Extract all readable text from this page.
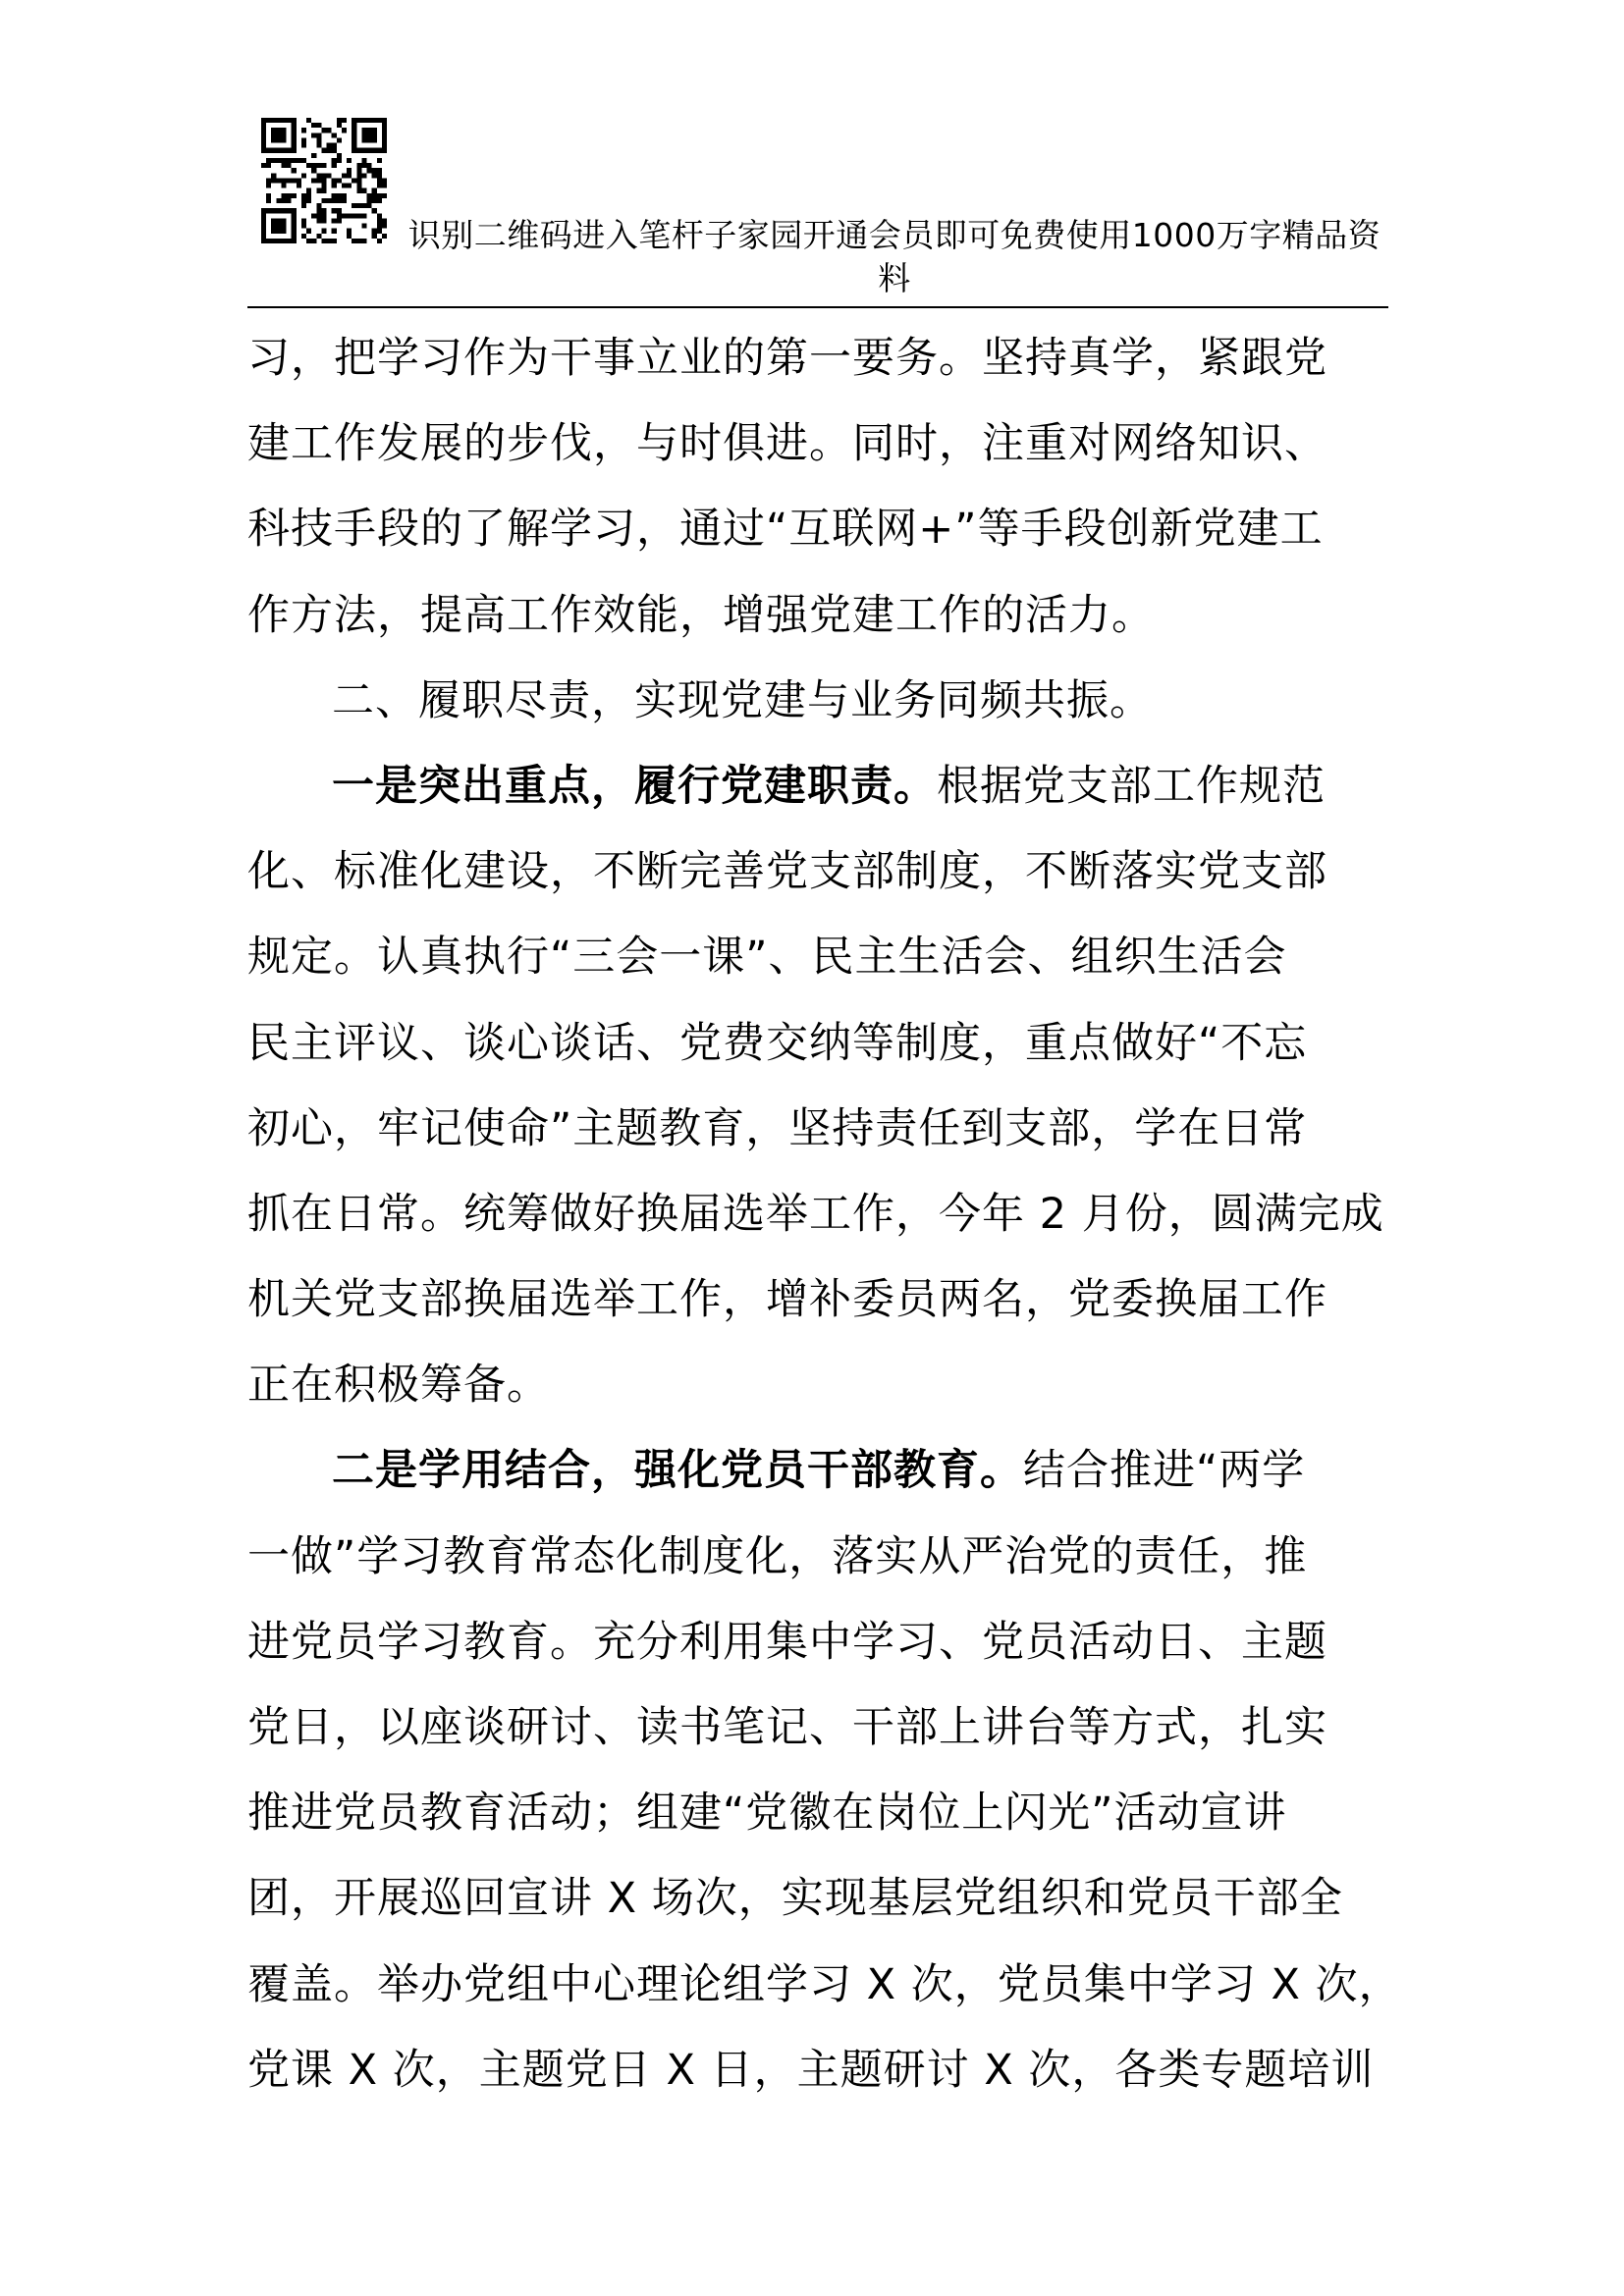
识别二维码进入笔杆子家园开通会员即可免费使用1000万字精品资
料
习，把学习作为干事立业的第一要务。坚持真学，紧跟党
建工作发展的步伐，与时俱进。同时，注重对网络知识、
科技手段的了解学习，通过“互联网+”等手段创新党建工
作方法，提高工作效能，增强党建工作的活力。
二、履职尽责，实现党建与业务同频共振。
一是突出重点，履行党建职责。根据党支部工作规范
化、标准化建设，不断完善党支部制度，不断落实党支部
规定。认真执行“三会一课”、民主生活会、组织生活会
民主评议、谈心谈话、党费交纳等制度，重点做好“不忘
初心，牢记使命”主题教育，坚持责任到支部，学在日常
抓在日常。统筹做好换届选举工作，今年 2 月份，圆满完成
机关党支部换届选举工作，增补委员两名，党委换届工作
正在积极筹备。
二是学用结合，强化党员干部教育。结合推进“两学
一做”学习教育常态化制度化，落实从严治党的责任，推
进党员学习教育。充分利用集中学习、党员活动日、主题
党日，以座谈研讨、读书笔记、干部上讲台等方式，扎实
推进党员教育活动；组建“党徽在岗位上闪光”活动宣讲
团，开展巡回宣讲 X 场次，实现基层党组织和党员干部全
覆盖。举办党组中心理论组学习 X 次，党员集中学习 X 次，
党课 X 次，主题党日 X 日，主题研讨 X 次，各类专题培训
